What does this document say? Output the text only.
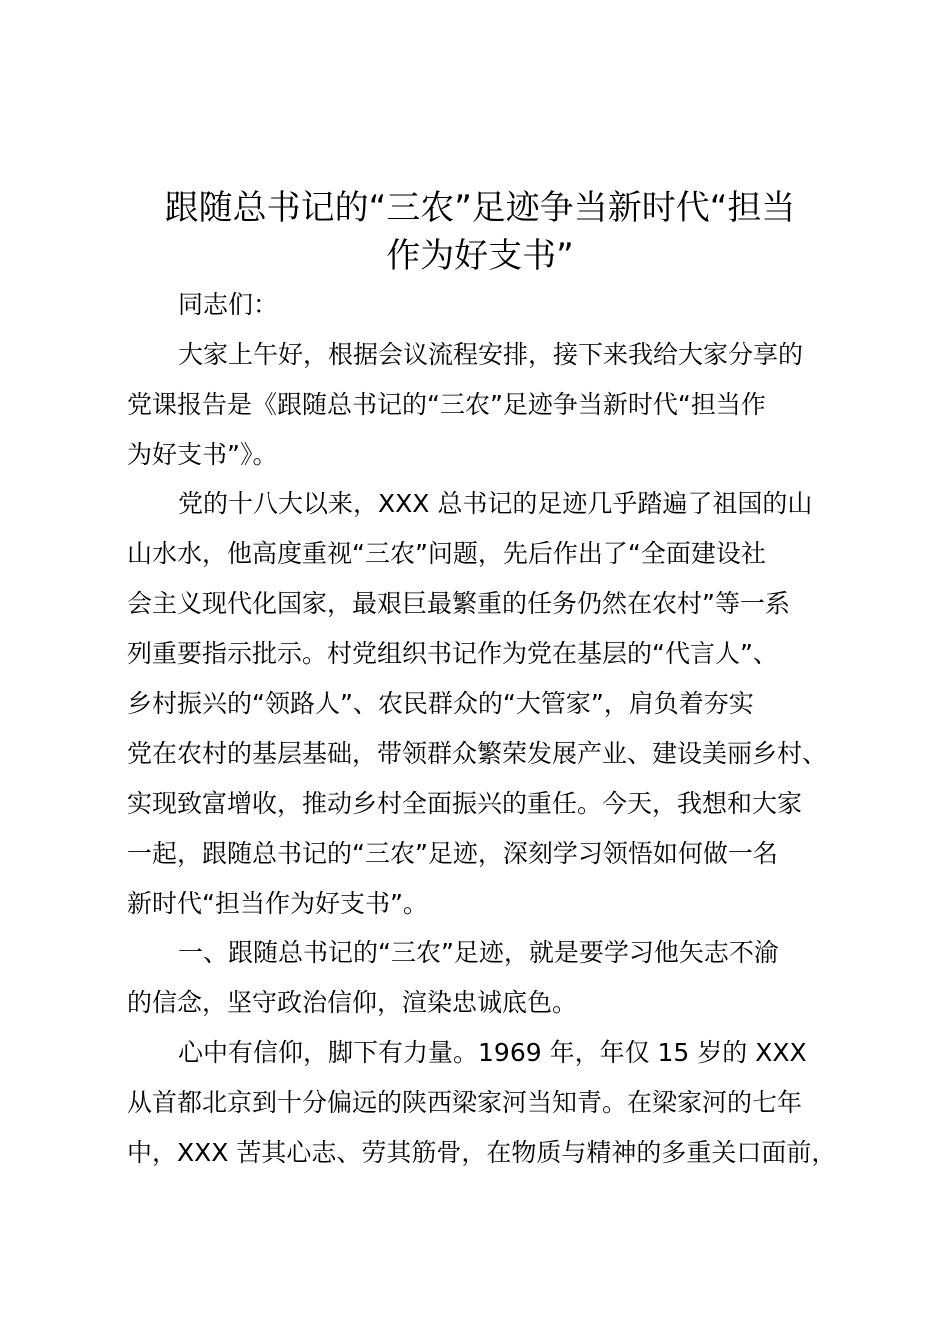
跟随总书记的“三农”足迹争当新时代“担当
作为好支书”

同志们：

大家上午好，根据会议流程安排，接下来我给大家分享的

党课报告是《跟随总书记的“三农”足迹争当新时代“担当作

为好支书”》。

党的十八大以来，XXX 总书记的足迹几乎踏遍了祖国的山

山水水，他高度重视“三农”问题，先后作出了“全面建设社

会主义现代化国家，最艰巨最繁重的任务仍然在农村”等一系

列重要指示批示。村党组织书记作为党在基层的“代言人”、

乡村振兴的“领路人”、农民群众的“大管家”，肩负着夯实

党在农村的基层基础，带领群众繁荣发展产业、建设美丽乡村、

实现致富增收，推动乡村全面振兴的重任。今天，我想和大家

一起，跟随总书记的“三农”足迹，深刻学习领悟如何做一名

新时代“担当作为好支书”。

一、跟随总书记的“三农”足迹，就是要学习他矢志不渝

的信念，坚守政治信仰，渲染忠诚底色。

心中有信仰，脚下有力量。1969 年，年仅 15 岁的 XXX

从首都北京到十分偏远的陕西梁家河当知青。在梁家河的七年

中，XXX 苦其心志、劳其筋骨，在物质与精神的多重关口面前，
